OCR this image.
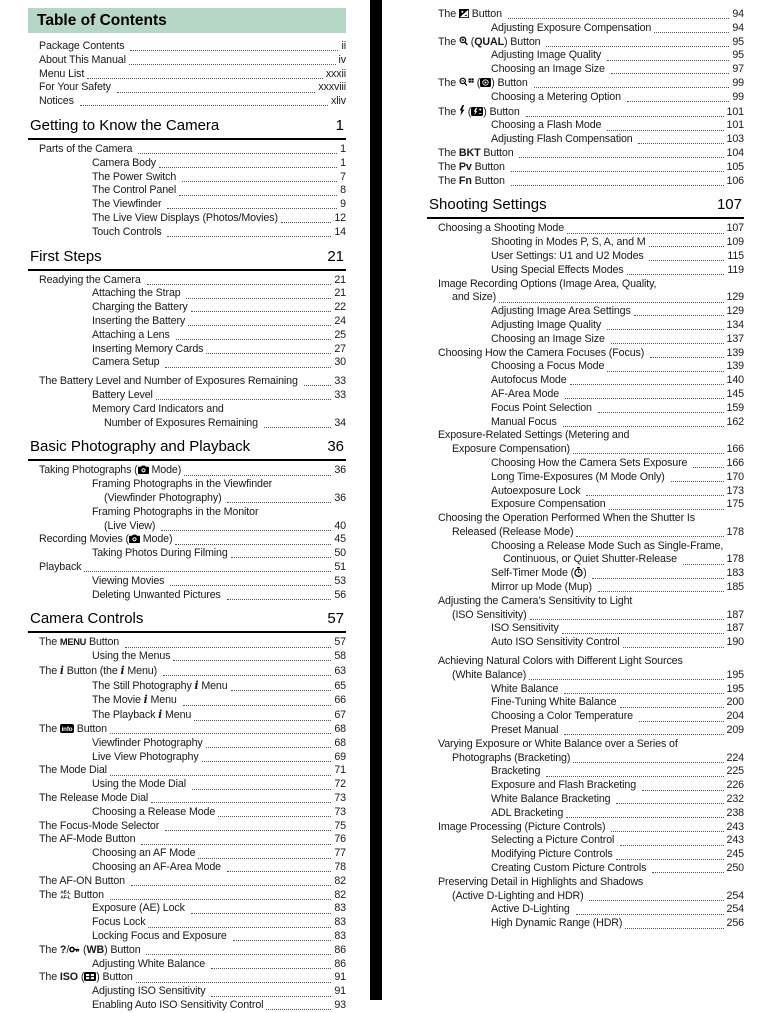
Table of Contents
Package Contents	ii
About This Manual	iv
Menu List	xxxii
For Your Safety	xxxviii
Notices	xliv
Getting to Know the Camera	1
Parts of the Camera	1
Camera Body	1
The Power Switch	7
The Control Panel	8
The Viewfinder	9
The Live View Displays (Photos/Movies)	12
Touch Controls	14
First Steps	21
Readying the Camera	21
Attaching the Strap	21
Charging the Battery	22
Inserting the Battery	24
Attaching a Lens	25
Inserting Memory Cards	27
Camera Setup	30
The Battery Level and Number of Exposures Remaining	33
Battery Level	33
Memory Card Indicators and
Number of Exposures Remaining	34
Basic Photography and Playback	36
Taking Photographs ( Mode)	36
Framing Photographs in the Viewfinder
(Viewfinder Photography)	36
Framing Photographs in the Monitor
(Live View)	40
Recording Movies ( Mode)	45
Taking Photos During Filming	50
Playback	51
Viewing Movies	53
Deleting Unwanted Pictures	56
Camera Controls	57
The MENU Button	57
Using the Menus	58
The i Button (the i Menu)	63
The Still Photography i Menu	65
The Movie i Menu	66
The Playback i Menu	67
The info Button	68
Viewfinder Photography	68
Live View Photography	69
The Mode Dial	71
Using the Mode Dial	72
The Release Mode Dial	73
Choosing a Release Mode	73
The Focus-Mode Selector	75
The AF-Mode Button	76
Choosing an AF Mode	77
Choosing an AF-Area Mode	78
The AF-ON Button	82
The AE-L
AF-L Button	82
Exposure (AE) Lock	83
Focus Lock	83
Locking Focus and Exposure	83
The ?/ (WB) Button	86
Adjusting White Balance	86
The ISO ( ) Button	91
Adjusting ISO Sensitivity	91
Enabling Auto ISO Sensitivity Control	93
The  Button	94
Adjusting Exposure Compensation	94
The  (QUAL) Button	95
Adjusting Image Quality	95
Choosing an Image Size	97
The  ( ) Button	99
Choosing a Metering Option	99
The  ( ) Button	101
Choosing a Flash Mode	101
Adjusting Flash Compensation	103
The BKT Button	104
The Pv Button	105
The Fn Button	106
Shooting Settings	107
Choosing a Shooting Mode	107
Shooting in Modes P, S, A, and M	109
User Settings: U1 and U2 Modes	115
Using Special Effects Modes	119
Image Recording Options (Image Area, Quality,
and Size)	129
Adjusting Image Area Settings	129
Adjusting Image Quality	134
Choosing an Image Size	137
Choosing How the Camera Focuses (Focus)	139
Choosing a Focus Mode	139
Autofocus Mode	140
AF-Area Mode	145
Focus Point Selection	159
Manual Focus	162
Exposure-Related Settings (Metering and
Exposure Compensation)	166
Choosing How the Camera Sets Exposure	166
Long Time-Exposures (M Mode Only)	170
Autoexposure Lock	173
Exposure Compensation	175
Choosing the Operation Performed When the Shutter Is
Released (Release Mode)	178
Choosing a Release Mode Such as Single-Frame,
Continuous, or Quiet Shutter-Release	178
Self-Timer Mode ( )	183
Mirror up Mode (Mup)	185
Adjusting the Camera’s Sensitivity to Light
(ISO Sensitivity)	187
ISO Sensitivity	187
Auto ISO Sensitivity Control	190
Achieving Natural Colors with Different Light Sources
(White Balance)	195
White Balance	195
Fine-Tuning White Balance	200
Choosing a Color Temperature	204
Preset Manual	209
Varying Exposure or White Balance over a Series of
Photographs (Bracketing)	224
Bracketing	225
Exposure and Flash Bracketing	226
White Balance Bracketing	232
ADL Bracketing	238
Image Processing (Picture Controls)	243
Selecting a Picture Control	243
Modifying Picture Controls	245
Creating Custom Picture Controls	250
Preserving Detail in Highlights and Shadows
(Active D-Lighting and HDR)	254
Active D-Lighting	254
High Dynamic Range (HDR)	256
